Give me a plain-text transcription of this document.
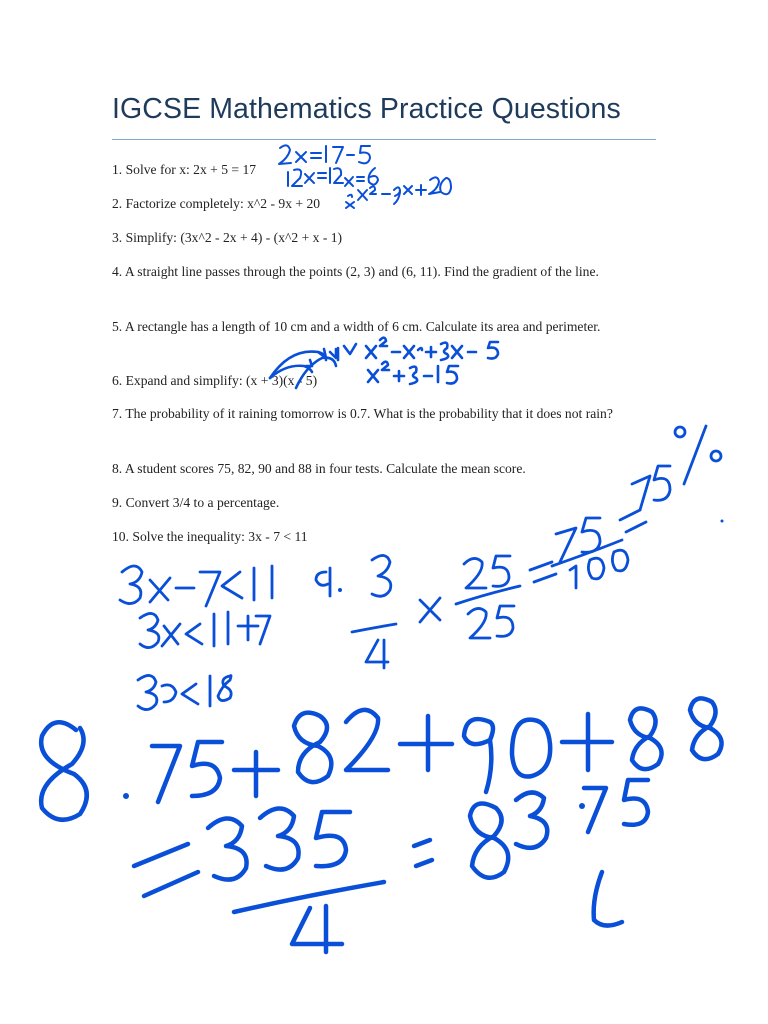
IGCSE Mathematics Practice Questions
1. Solve for x: 2x + 5 = 17
2. Factorize completely: x^2 - 9x + 20
3. Simplify: (3x^2 - 2x + 4) - (x^2 + x - 1)
4. A straight line passes through the points (2, 3) and (6, 11). Find the gradient of the line.
5. A rectangle has a length of 10 cm and a width of 6 cm. Calculate its area and perimeter.
6. Expand and simplify: (x + 3)(x - 5)
7. The probability of it raining tomorrow is 0.7. What is the probability that it does not rain?
8. A student scores 75, 82, 90 and 88 in four tests. Calculate the mean score.
9. Convert 3/4 to a percentage.
10. Solve the inequality: 3x - 7 < 11
